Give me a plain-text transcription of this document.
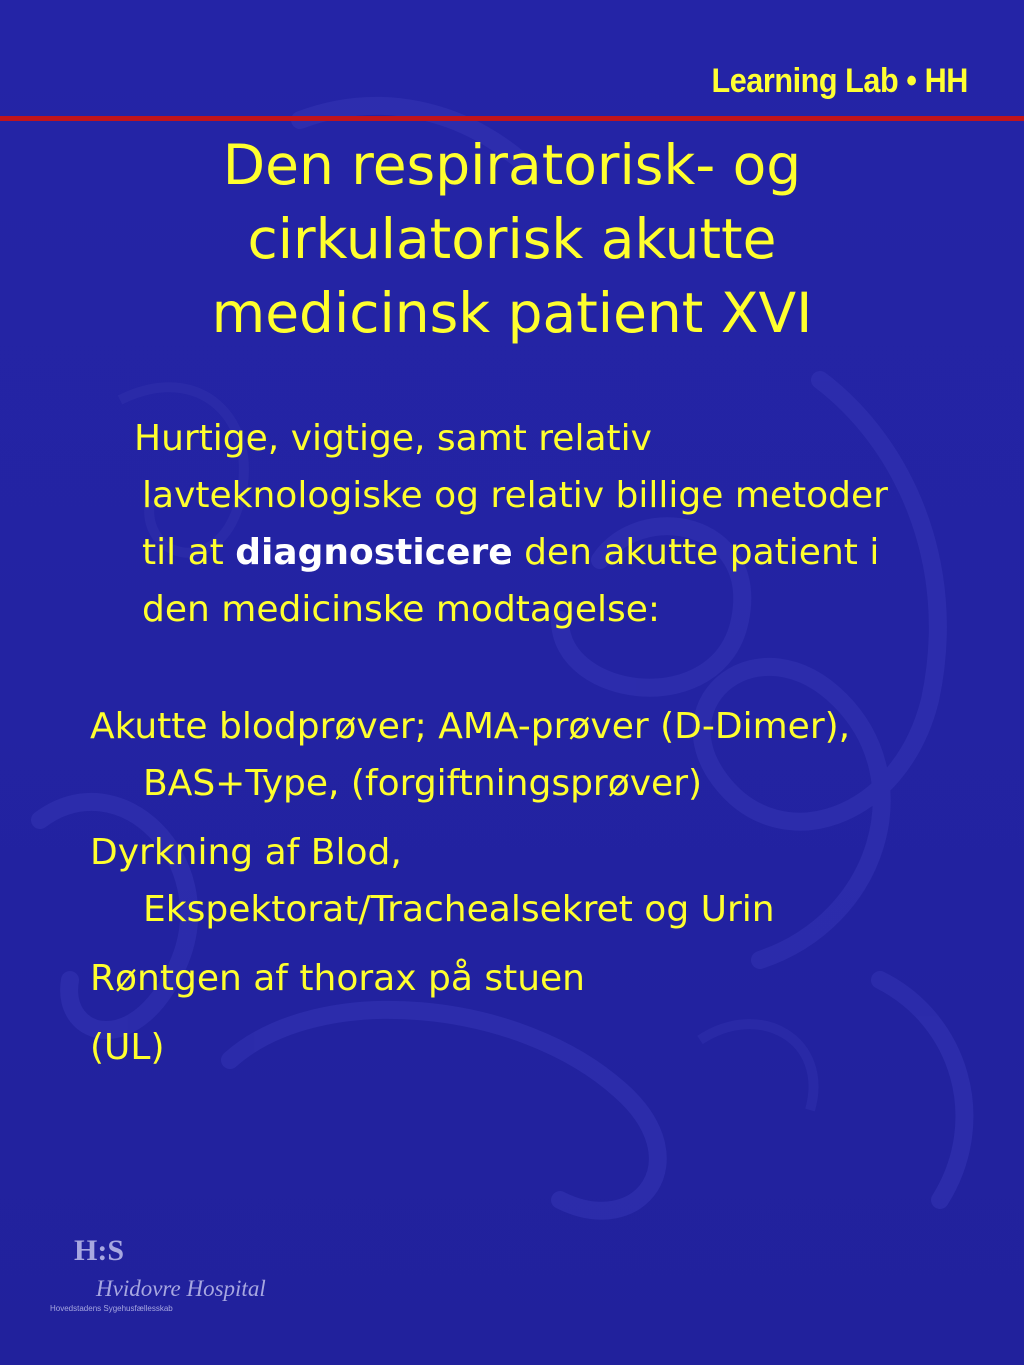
Learning Lab • HH
Den respiratorisk- og
cirkulatorisk akutte
medicinsk patient XVI
Hurtige, vigtige, samt relativ
lavteknologiske og relativ billige metoder
til at diagnosticere den akutte patient i
den medicinske modtagelse:
Akutte blodprøver; AMA-prøver (D-Dimer),
BAS+Type, (forgiftningsprøver)
Dyrkning af Blod,
Ekspektorat/Trachealsekret og Urin
Røntgen af thorax på stuen
(UL)
H:S
Hvidovre Hospital
Hovedstadens Sygehusfællesskab
